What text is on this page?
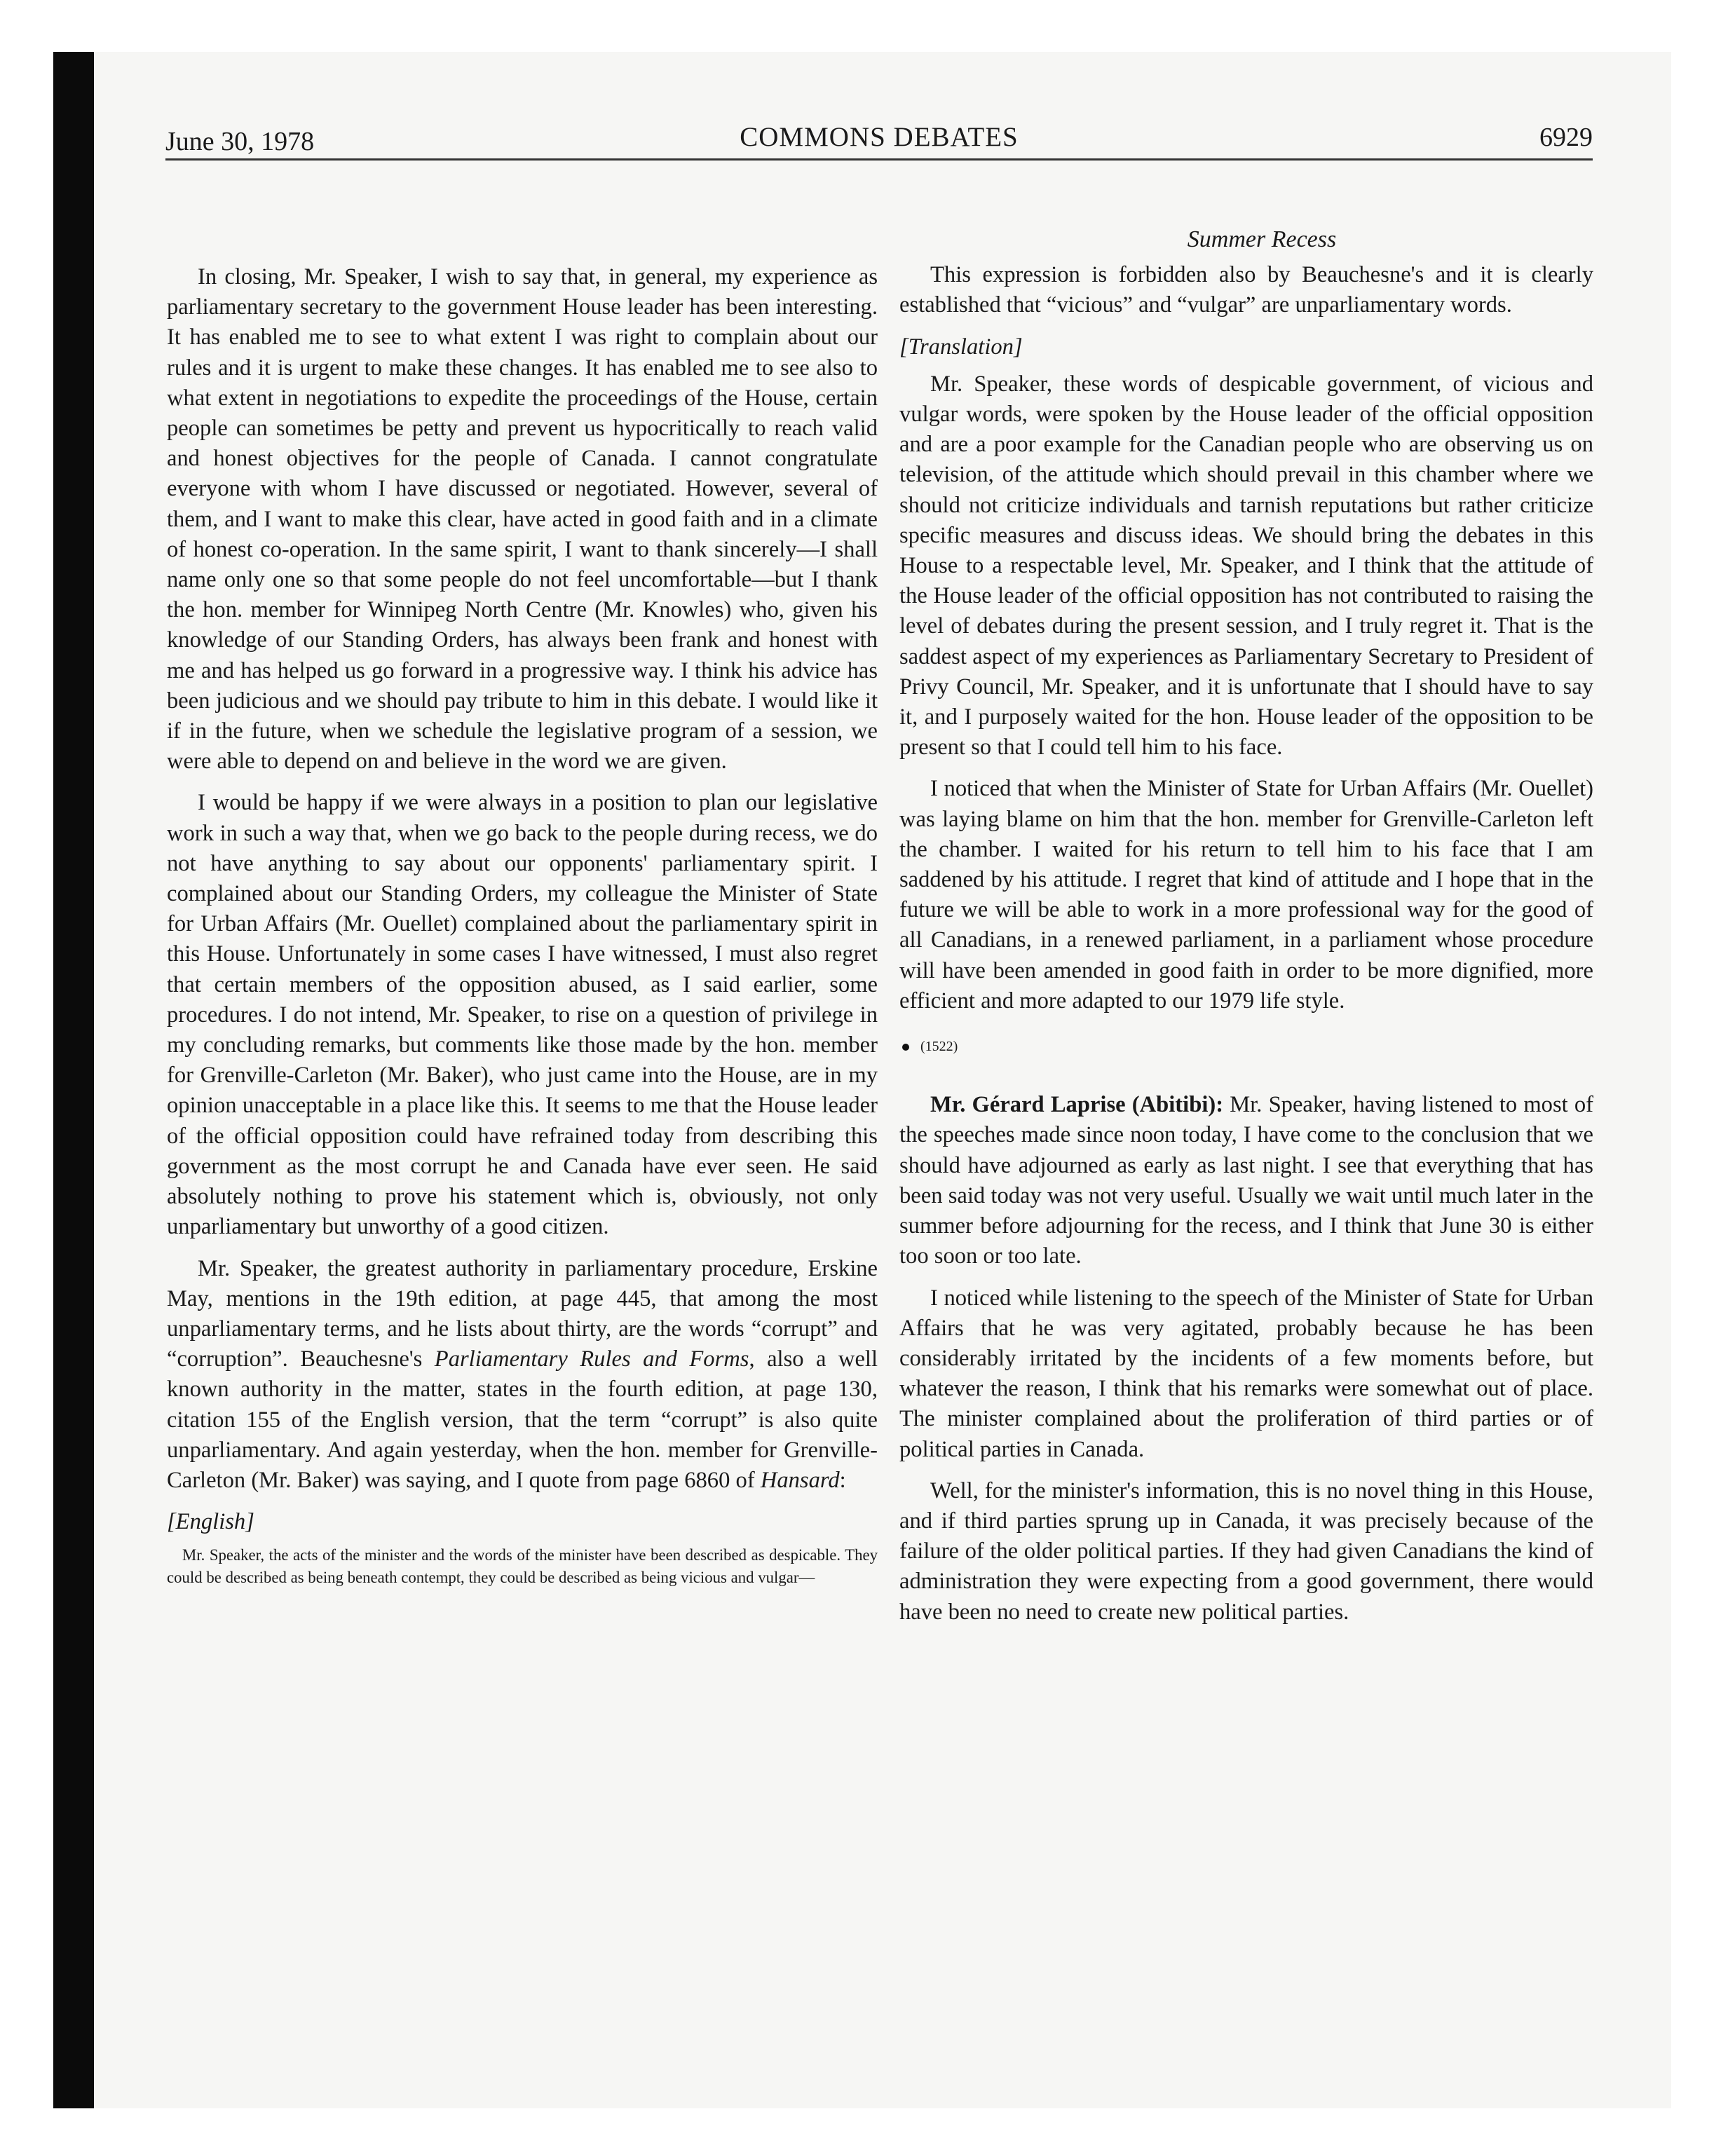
June 30, 1978	COMMONS DEBATES	6929

In closing, Mr. Speaker, I wish to say that, in general, my experience as parliamentary secretary to the government House leader has been interesting. It has enabled me to see to what extent I was right to complain about our rules and it is urgent to make these changes. It has enabled me to see also to what extent in negotiations to expedite the proceedings of the House, certain people can sometimes be petty and prevent us hypocritically to reach valid and honest objectives for the people of Canada. I cannot congratulate everyone with whom I have discussed or negotiated. However, several of them, and I want to make this clear, have acted in good faith and in a climate of honest co-operation. In the same spirit, I want to thank sincerely—I shall name only one so that some people do not feel uncomfortable—but I thank the hon. member for Winnipeg North Centre (Mr. Knowles) who, given his knowledge of our Standing Orders, has always been frank and honest with me and has helped us go forward in a progressive way. I think his advice has been judicious and we should pay tribute to him in this debate. I would like it if in the future, when we schedule the legislative program of a session, we were able to depend on and believe in the word we are given.

I would be happy if we were always in a position to plan our legislative work in such a way that, when we go back to the people during recess, we do not have anything to say about our opponents' parliamentary spirit. I complained about our Standing Orders, my colleague the Minister of State for Urban Affairs (Mr. Ouellet) complained about the parliamentary spirit in this House. Unfortunately in some cases I have witnessed, I must also regret that certain members of the opposition abused, as I said earlier, some procedures. I do not intend, Mr. Speaker, to rise on a question of privilege in my concluding remarks, but comments like those made by the hon. member for Grenville-Carleton (Mr. Baker), who just came into the House, are in my opinion unacceptable in a place like this. It seems to me that the House leader of the official opposition could have refrained today from describing this government as the most corrupt he and Canada have ever seen. He said absolutely nothing to prove his statement which is, obviously, not only unparliamentary but unworthy of a good citizen.

Mr. Speaker, the greatest authority in parliamentary procedure, Erskine May, mentions in the 19th edition, at page 445, that among the most unparliamentary terms, and he lists about thirty, are the words “corrupt” and “corruption”. Beauchesne's Parliamentary Rules and Forms, also a well known authority in the matter, states in the fourth edition, at page 130, citation 155 of the English version, that the term “corrupt” is also quite unparliamentary. And again yesterday, when the hon. member for Grenville-Carleton (Mr. Baker) was saying, and I quote from page 6860 of Hansard:

[English]

Mr. Speaker, the acts of the minister and the words of the minister have been described as despicable. They could be described as being beneath contempt, they could be described as being vicious and vulgar—

Summer Recess

This expression is forbidden also by Beauchesne's and it is clearly established that “vicious” and “vulgar” are unparliamentary words.

[Translation]

Mr. Speaker, these words of despicable government, of vicious and vulgar words, were spoken by the House leader of the official opposition and are a poor example for the Canadian people who are observing us on television, of the attitude which should prevail in this chamber where we should not criticize individuals and tarnish reputations but rather criticize specific measures and discuss ideas. We should bring the debates in this House to a respectable level, Mr. Speaker, and I think that the attitude of the House leader of the official opposition has not contributed to raising the level of debates during the present session, and I truly regret it. That is the saddest aspect of my experiences as Parliamentary Secretary to President of Privy Council, Mr. Speaker, and it is unfortunate that I should have to say it, and I purposely waited for the hon. House leader of the opposition to be present so that I could tell him to his face.

I noticed that when the Minister of State for Urban Affairs (Mr. Ouellet) was laying blame on him that the hon. member for Grenville-Carleton left the chamber. I waited for his return to tell him to his face that I am saddened by his attitude. I regret that kind of attitude and I hope that in the future we will be able to work in a more professional way for the good of all Canadians, in a renewed parliament, in a parliament whose procedure will have been amended in good faith in order to be more dignified, more efficient and more adapted to our 1979 life style.

(1522)

Mr. Gérard Laprise (Abitibi): Mr. Speaker, having listened to most of the speeches made since noon today, I have come to the conclusion that we should have adjourned as early as last night. I see that everything that has been said today was not very useful. Usually we wait until much later in the summer before adjourning for the recess, and I think that June 30 is either too soon or too late.

I noticed while listening to the speech of the Minister of State for Urban Affairs that he was very agitated, probably because he has been considerably irritated by the incidents of a few moments before, but whatever the reason, I think that his remarks were somewhat out of place. The minister complained about the proliferation of third parties or of political parties in Canada.

Well, for the minister's information, this is no novel thing in this House, and if third parties sprung up in Canada, it was precisely because of the failure of the older political parties. If they had given Canadians the kind of administration they were expecting from a good government, there would have been no need to create new political parties.
